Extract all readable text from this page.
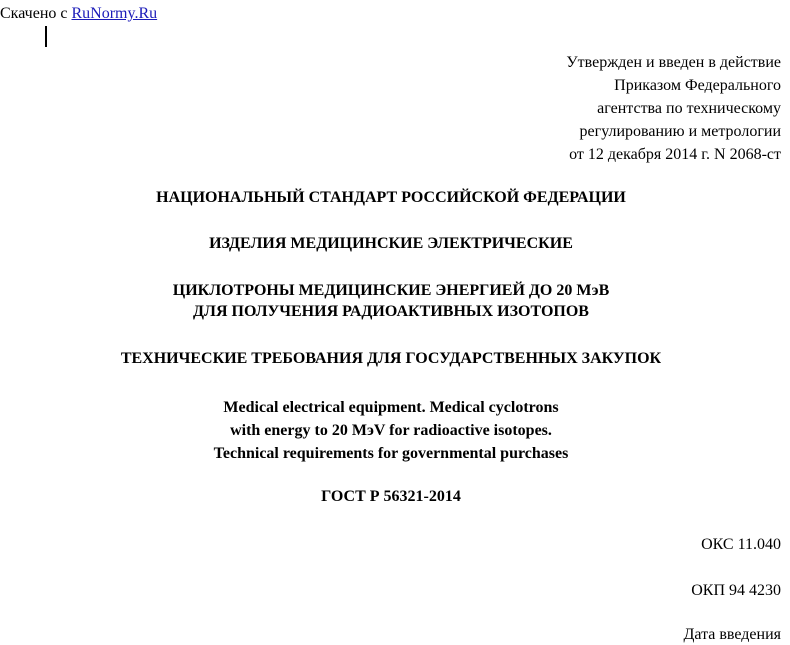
Скачено с RuNormy.Ru
Утвержден и введен в действие
Приказом Федерального
агентства по техническому
регулированию и метрологии
от 12 декабря 2014 г. N 2068-ст
НАЦИОНАЛЬНЫЙ СТАНДАРТ РОССИЙСКОЙ ФЕДЕРАЦИИ
ИЗДЕЛИЯ МЕДИЦИНСКИЕ ЭЛЕКТРИЧЕСКИЕ
ЦИКЛОТРОНЫ МЕДИЦИНСКИЕ ЭНЕРГИЕЙ ДО 20 МэВ
ДЛЯ ПОЛУЧЕНИЯ РАДИОАКТИВНЫХ ИЗОТОПОВ
ТЕХНИЧЕСКИЕ ТРЕБОВАНИЯ ДЛЯ ГОСУДАРСТВЕННЫХ ЗАКУПОК
Medical electrical equipment. Medical cyclotrons
with energy to 20 MэV for radioactive isotopes.
Technical requirements for governmental purchases
ГОСТ Р 56321-2014
ОКС 11.040
ОКП 94 4230
Дата введения
